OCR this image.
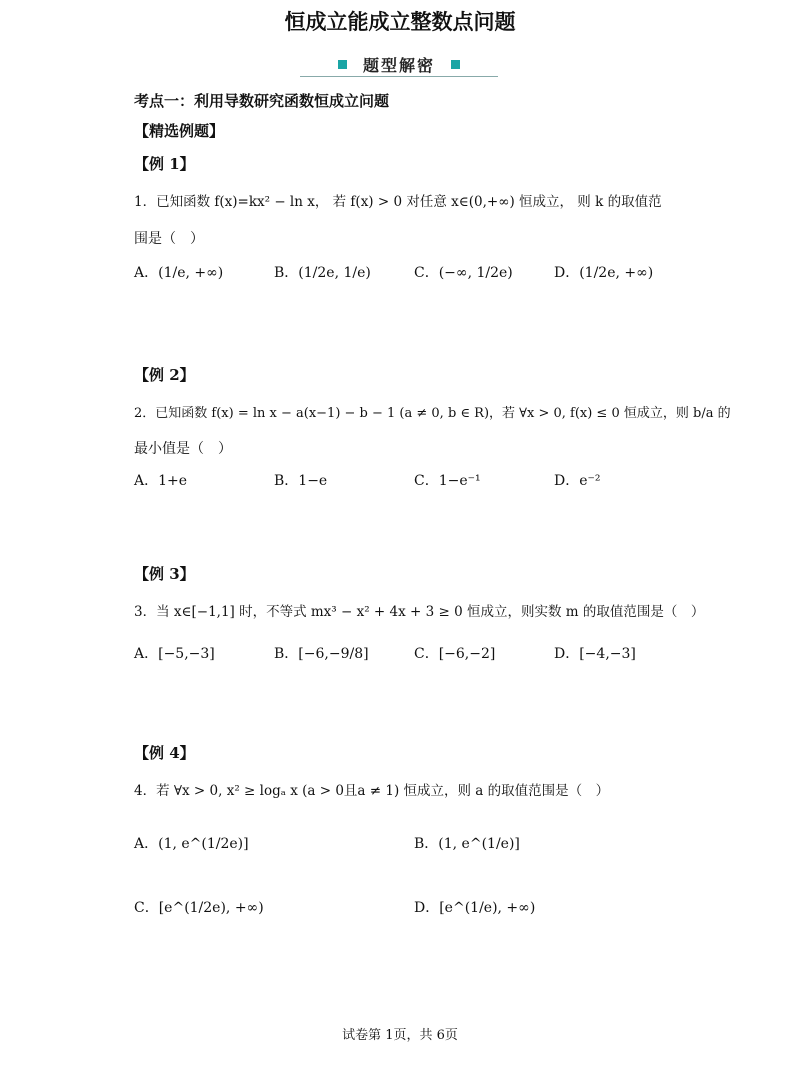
恒成立能成立整数点问题
题型解密
考点一：利用导数研究函数恒成立问题
【精选例题】
【例 1】
1．已知函数 f(x)=kx² − ln x， 若 f(x) > 0 对任意 x∈(0,+∞) 恒成立， 则 k 的取值范
围是（　）
A．(1/e, +∞)	B．(1/2e, 1/e)	C．(−∞, 1/2e)	D．(1/2e, +∞)
【例 2】
2．已知函数 f(x) = ln x − a(x−1) − b − 1 (a ≠ 0, b ∈ R)，若 ∀x > 0, f(x) ≤ 0 恒成立，则 b/a 的
最小值是（　）
A．1+e	B．1−e	C．1−e⁻¹	D．e⁻²
【例 3】
3．当 x∈[−1,1] 时，不等式 mx³ − x² + 4x + 3 ≥ 0 恒成立，则实数 m 的取值范围是（　）
A．[−5,−3]	B．[−6,−9/8]	C．[−6,−2]	D．[−4,−3]
【例 4】
4．若 ∀x > 0, x² ≥ logₐ x (a > 0且a ≠ 1) 恒成立，则 a 的取值范围是（　）
A．(1, e^(1/2e)]	B．(1, e^(1/e)]
C．[e^(1/2e), +∞)	D．[e^(1/e), +∞)
试卷第 1页，共 6页
